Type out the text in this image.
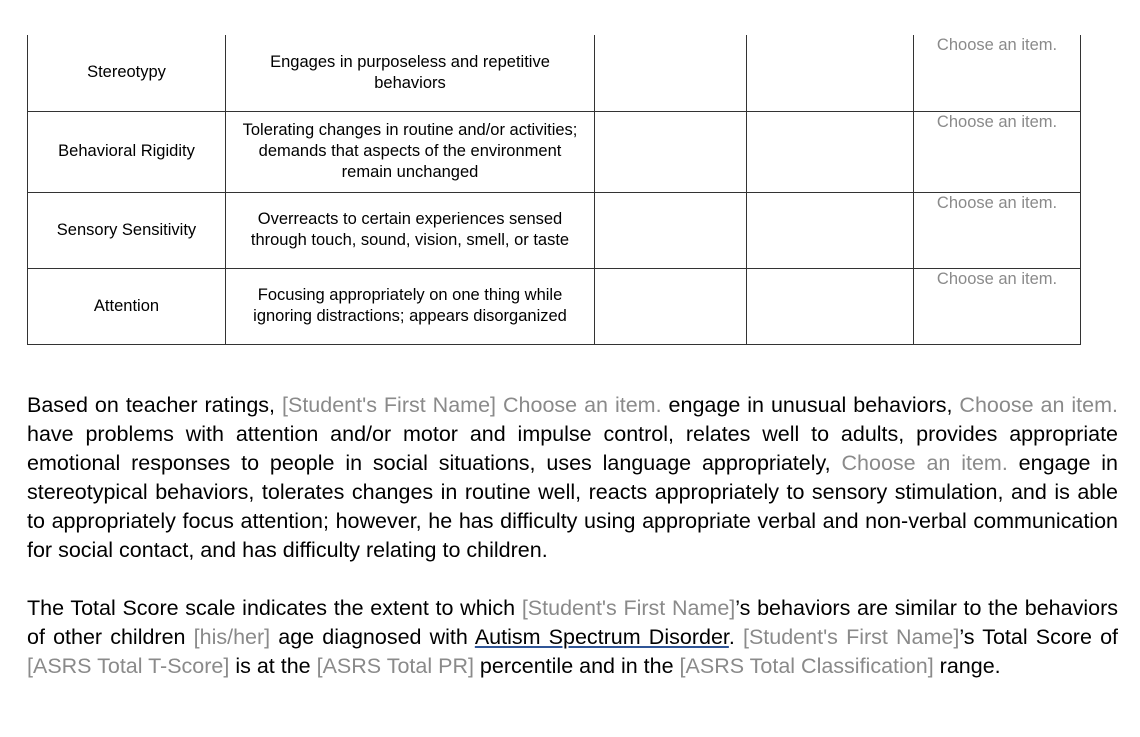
Stereotypy	Engages in purposeless and repetitive behaviors			Choose an item.

Behavioral Rigidity	Tolerating changes in routine and/or activities; demands that aspects of the environment remain unchanged			Choose an item.

Sensory Sensitivity	Overreacts to certain experiences sensed through touch, sound, vision, smell, or taste			Choose an item.

Attention	Focusing appropriately on one thing while ignoring distractions; appears disorganized			Choose an item.

Based on teacher ratings, [Student's First Name] Choose an item. engage in unusual behaviors, Choose an item. have problems with attention and/or motor and impulse control, relates well to adults, provides appropriate emotional responses to people in social situations, uses language appropriately, Choose an item. engage in stereotypical behaviors, tolerates changes in routine well, reacts appropriately to sensory stimulation, and is able to appropriately focus attention; however, he has difficulty using appropriate verbal and non-verbal communication for social contact, and has difficulty relating to children.

The Total Score scale indicates the extent to which [Student's First Name]’s behaviors are similar to the behaviors of other children [his/her] age diagnosed with Autism Spectrum Disorder. [Student's First Name]’s Total Score of [ASRS Total T-Score] is at the [ASRS Total PR] percentile and in the [ASRS Total Classification] range.
